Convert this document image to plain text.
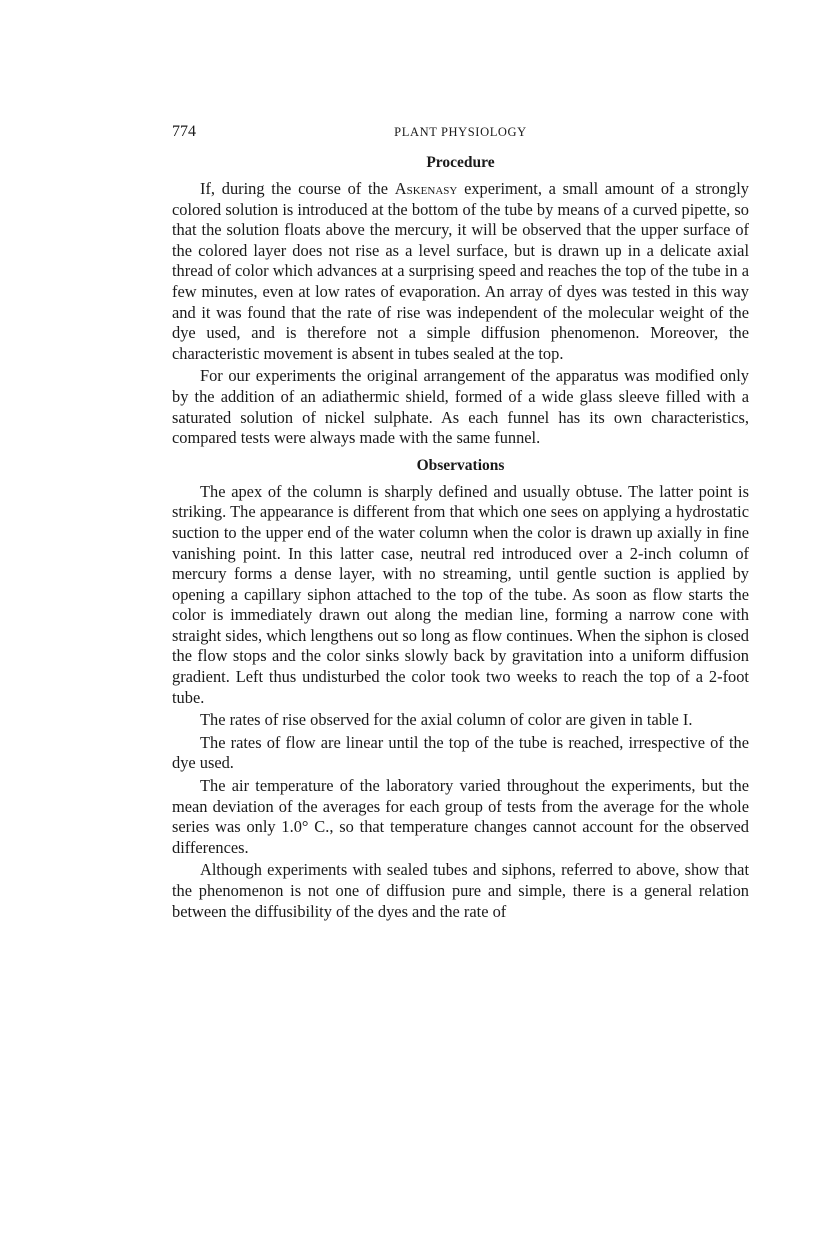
774	PLANT PHYSIOLOGY
Procedure

If, during the course of the Askenasy experiment, a small amount of a strongly colored solution is introduced at the bottom of the tube by means of a curved pipette, so that the solution floats above the mercury, it will be observed that the upper surface of the colored layer does not rise as a level surface, but is drawn up in a delicate axial thread of color which advances at a surprising speed and reaches the top of the tube in a few minutes, even at low rates of evaporation. An array of dyes was tested in this way and it was found that the rate of rise was independent of the molecular weight of the dye used, and is therefore not a simple diffusion phenomenon. Moreover, the characteristic movement is absent in tubes sealed at the top.

For our experiments the original arrangement of the apparatus was modified only by the addition of an adiathermic shield, formed of a wide glass sleeve filled with a saturated solution of nickel sulphate. As each funnel has its own characteristics, compared tests were always made with the same funnel.

Observations

The apex of the column is sharply defined and usually obtuse. The latter point is striking. The appearance is different from that which one sees on applying a hydrostatic suction to the upper end of the water column when the color is drawn up axially in fine vanishing point. In this latter case, neutral red introduced over a 2-inch column of mercury forms a dense layer, with no streaming, until gentle suction is applied by opening a capillary siphon attached to the top of the tube. As soon as flow starts the color is immediately drawn out along the median line, forming a narrow cone with straight sides, which lengthens out so long as flow continues. When the siphon is closed the flow stops and the color sinks slowly back by gravitation into a uniform diffusion gradient. Left thus undisturbed the color took two weeks to reach the top of a 2-foot tube.

The rates of rise observed for the axial column of color are given in table I.

The rates of flow are linear until the top of the tube is reached, irrespective of the dye used.

The air temperature of the laboratory varied throughout the experiments, but the mean deviation of the averages for each group of tests from the average for the whole series was only 1.0° C., so that temperature changes cannot account for the observed differences.

Although experiments with sealed tubes and siphons, referred to above, show that the phenomenon is not one of diffusion pure and simple, there is a general relation between the diffusibility of the dyes and the rate of
